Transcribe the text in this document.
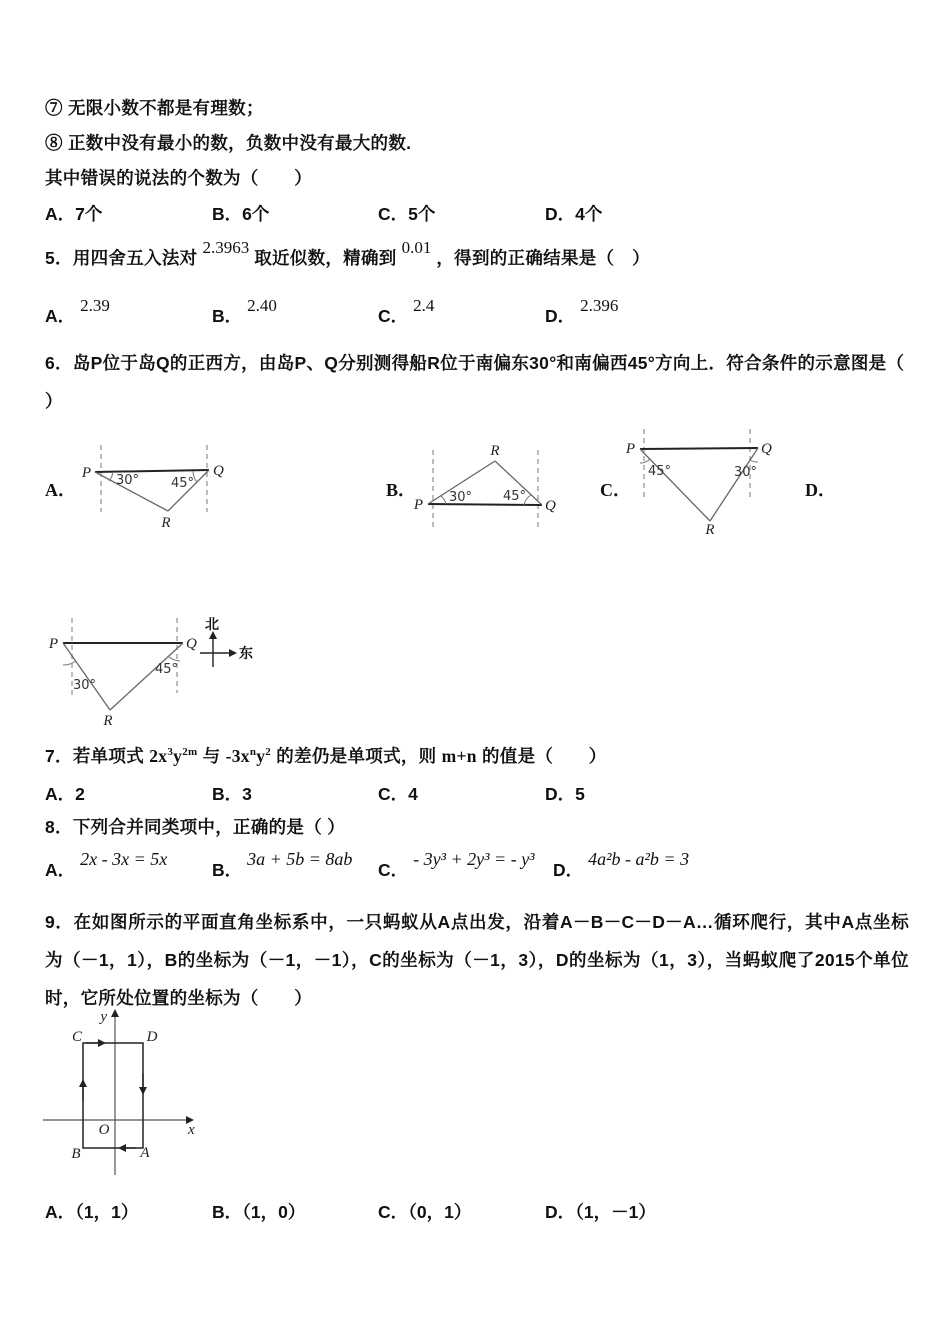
⑦ 无限小数不都是有理数；

⑧ 正数中没有最小的数，负数中没有最大的数.

其中错误的说法的个数为（　　）

A．7个	B．6个	C．5个	D．4个

5．用四舍五入法对2.3963取近似数，精确到0.01，得到的正确结果是（　）

A．2.39
B．2.40
C．2.4
D．2.396

6．岛P位于岛Q的正西方，由岛P、Q分别测得船R位于南偏东30°和南偏西45°方向上．符合条件的示意图是（

）

A．	B．	C．	D．
P	Q
R
30° 45°
P	Q
R
30° 45°
P	Q
R
45°	30°
P	Q
R
30°
45°
北
东

7．若单项式 $2x^3y^{2m}$ 与 $-3x^ny^2$ 的差仍是单项式，则 m+n 的值是（　　）

A．2	B．3	C．4	D．5

8．下列合并同类项中，正确的是（ ）

A．2x - 3x = 5x
B．3a + 5b = 8ab
C．- 3y³ + 2y³ = - y³
D．4a²b - a²b = 3

9．在如图所示的平面直角坐标系中，一只蚂蚁从A点出发，沿着A－B－C－D－A…循环爬行，其中A点坐标为（－1，1），B的坐标为（－1，－1），C的坐标为（－1，3），D的坐标为（1，3），当蚂蚁爬了2015个单位时，它所处位置的坐标为（　　）

y
x
O
C	D
B	A
A．（1，1）	B．（1，0）	C．（0，1）	D．（1，－1）
